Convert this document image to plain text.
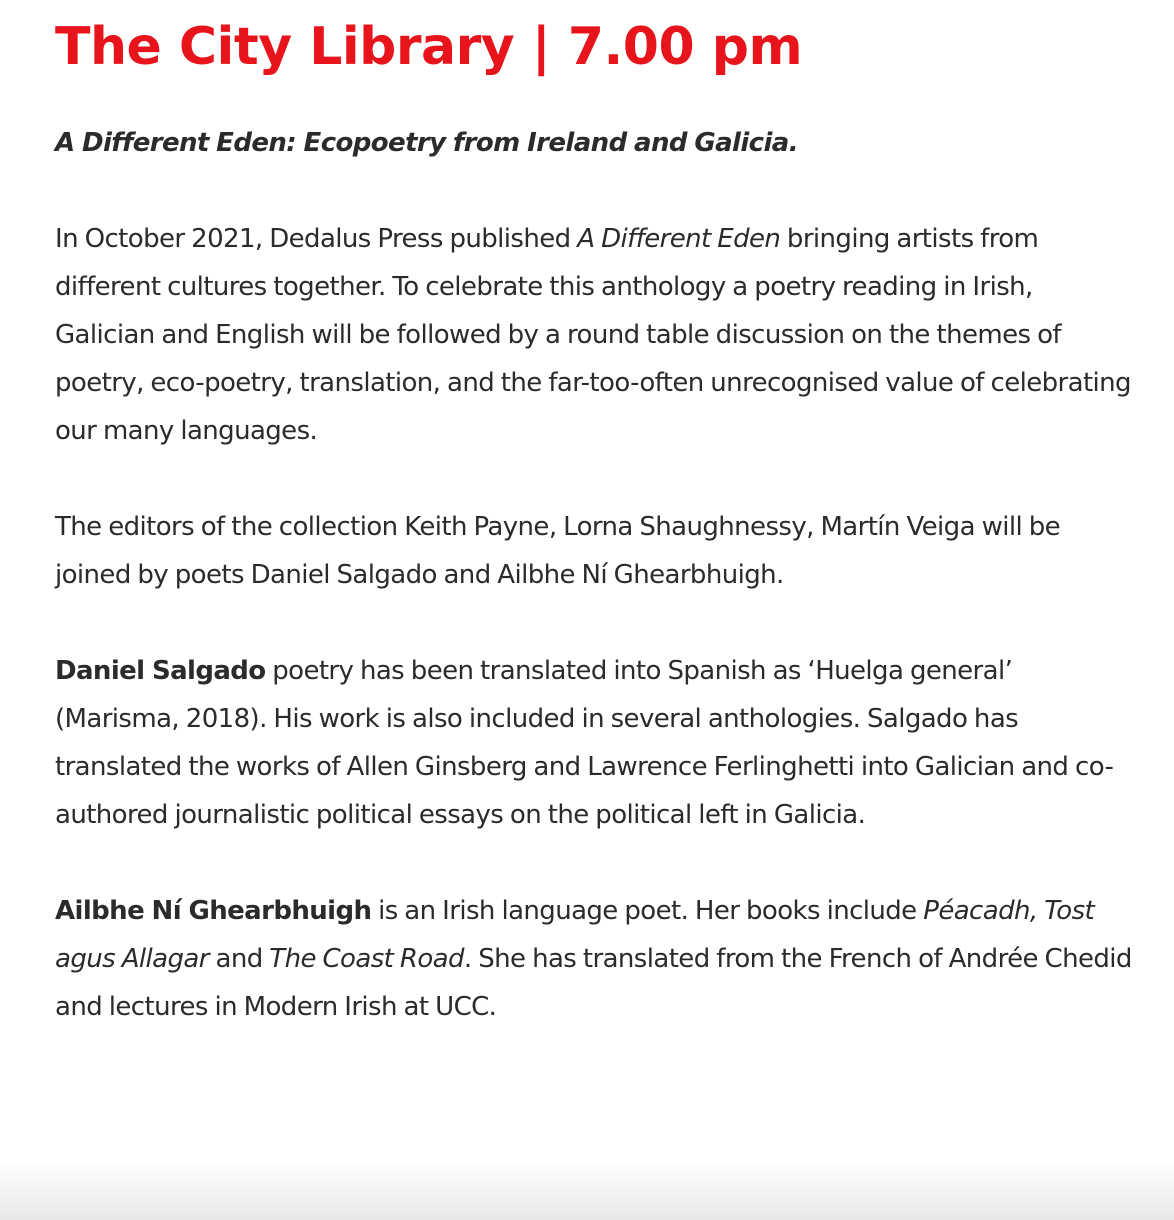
The City Library | 7.00 pm

A Different Eden: Ecopoetry from Ireland and Galicia.

In October 2021, Dedalus Press published A Different Eden bringing artists from different cultures together. To celebrate this anthology a poetry reading in Irish, Galician and English will be followed by a round table discussion on the themes of poetry, eco-poetry, translation, and the far-too-often unrecognised value of celebrating our many languages.

The editors of the collection Keith Payne, Lorna Shaughnessy, Martín Veiga will be joined by poets Daniel Salgado and Ailbhe Ní Ghearbhuigh.

Daniel Salgado poetry has been translated into Spanish as ‘Huelga general’ (Marisma, 2018). His work is also included in several anthologies. Salgado has translated the works of Allen Ginsberg and Lawrence Ferlinghetti into Galician and co-authored journalistic political essays on the political left in Galicia.

Ailbhe Ní Ghearbhuigh is an Irish language poet. Her books include Péacadh, Tost agus Allagar and The Coast Road. She has translated from the French of Andrée Chedid and lectures in Modern Irish at UCC.
